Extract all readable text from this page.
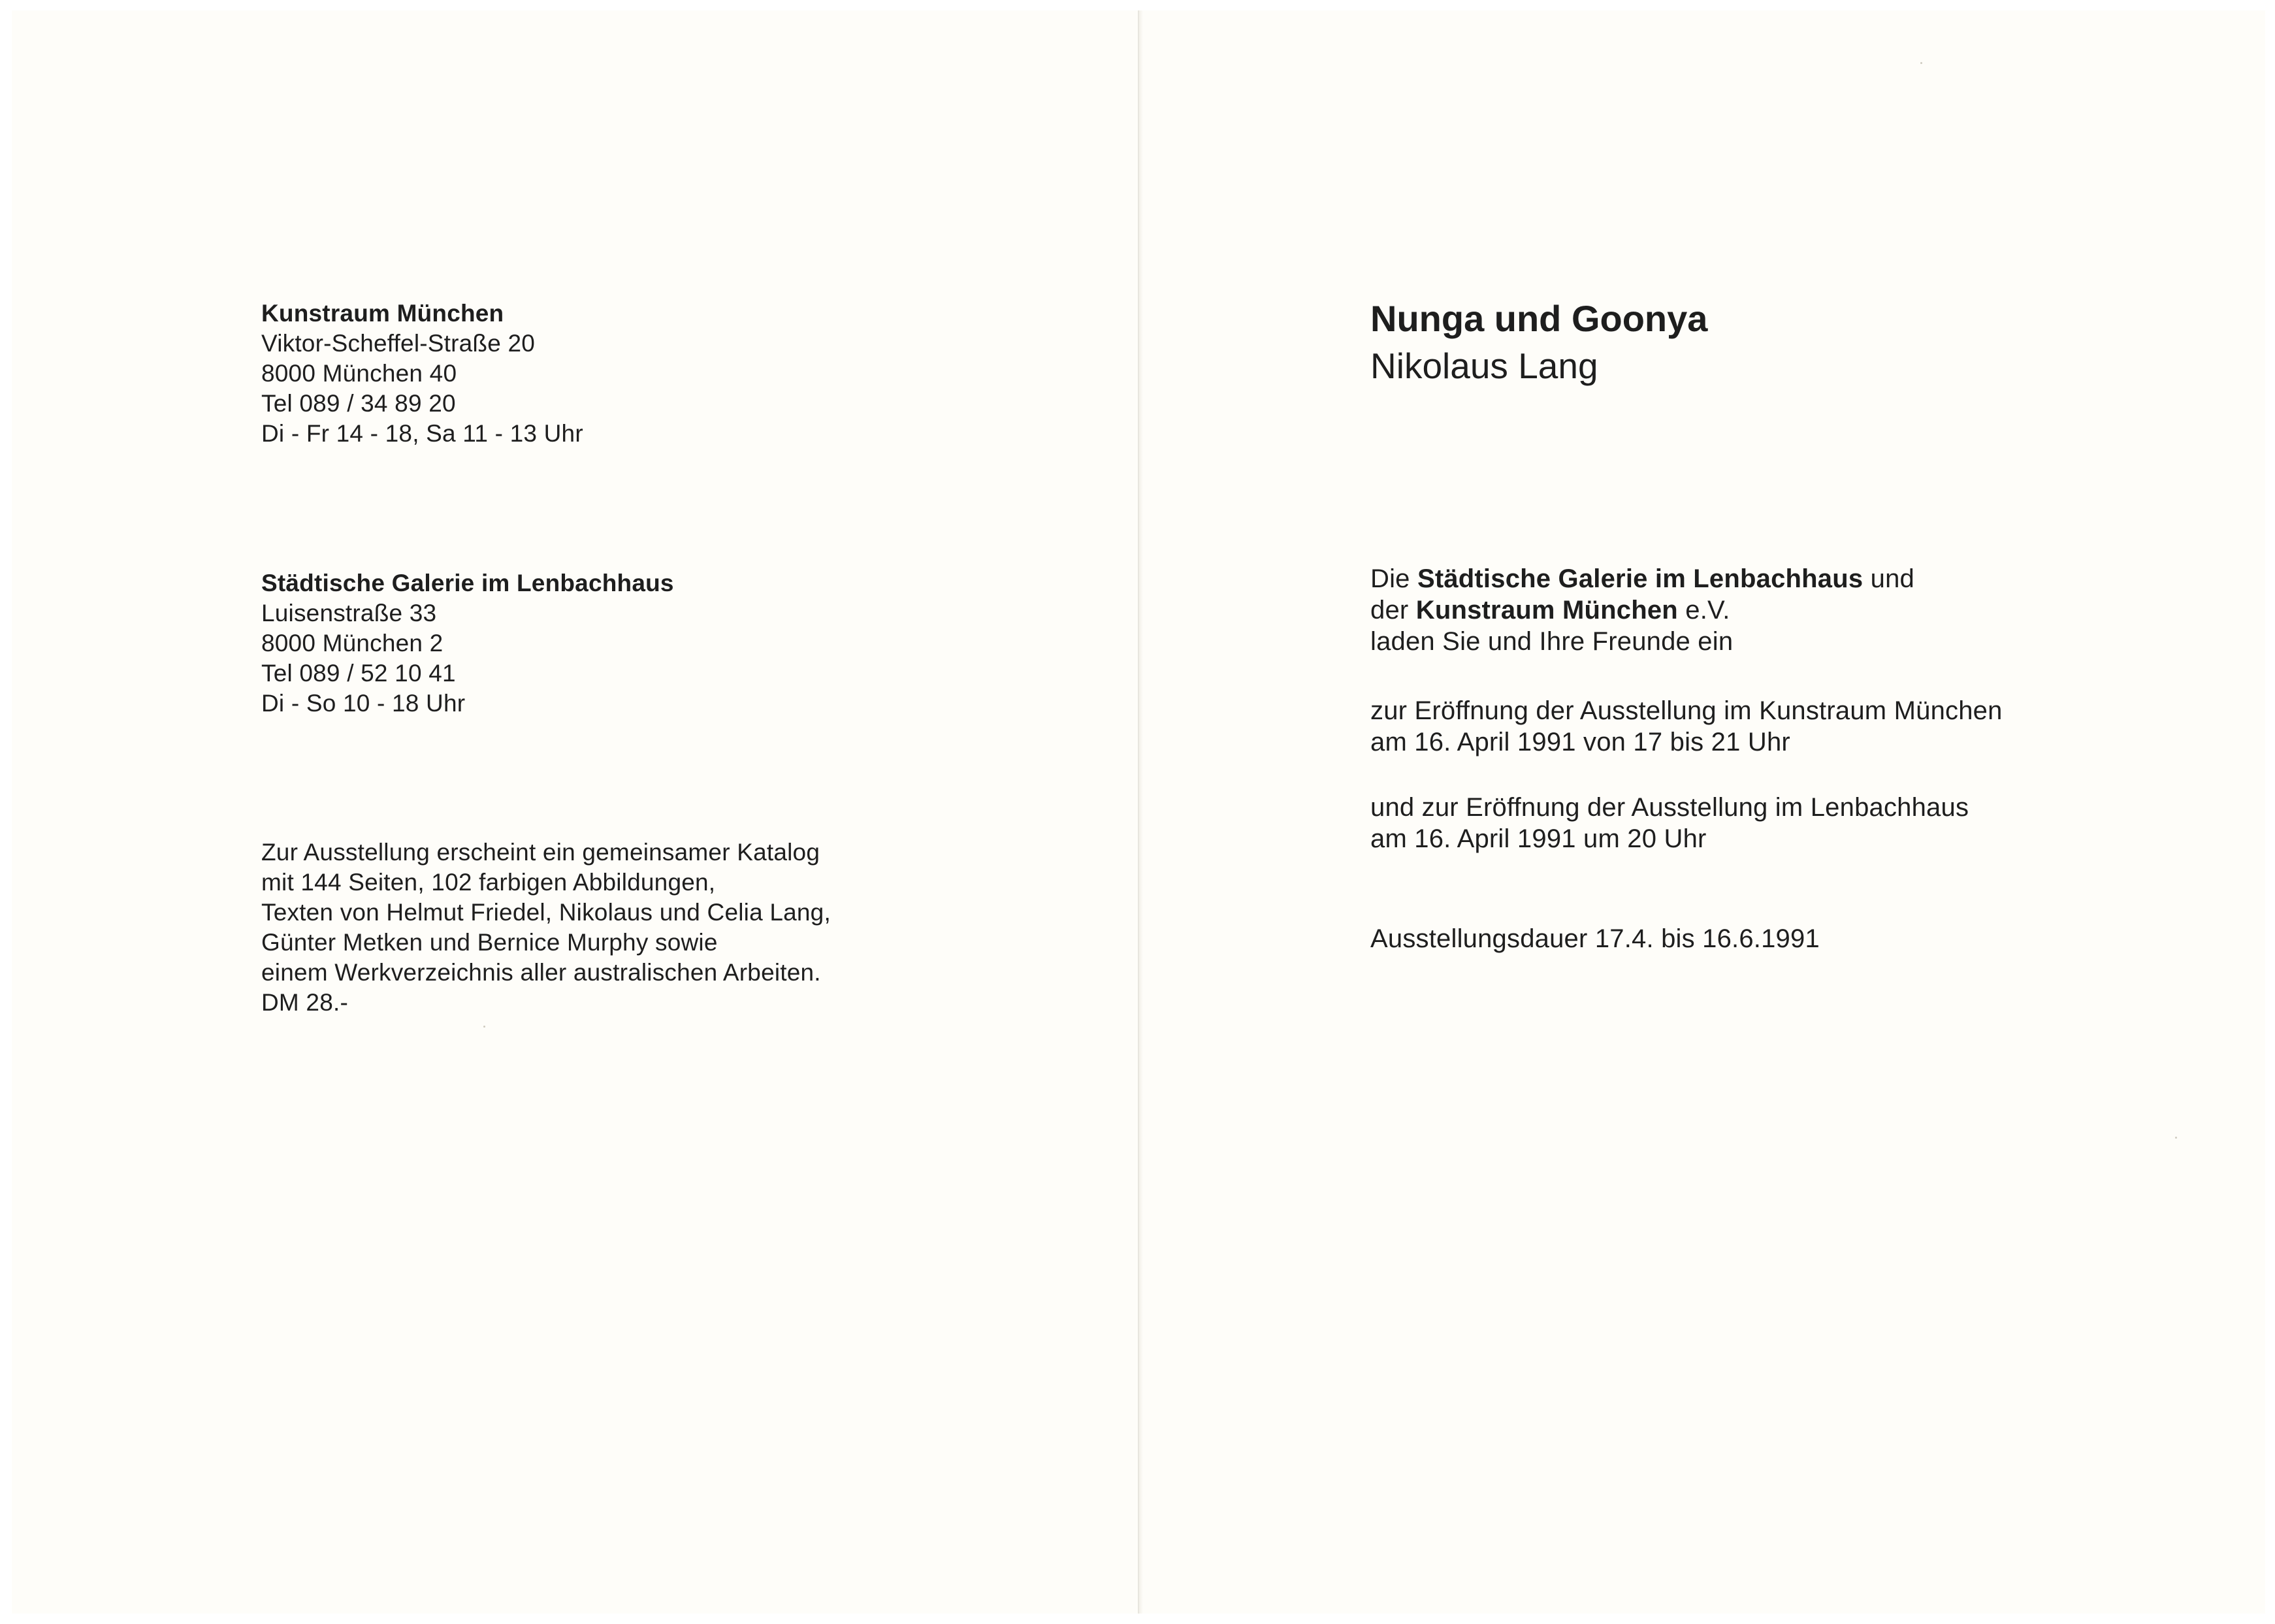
Kunstraum München
Viktor-Scheffel-Straße 20
8000 München 40
Tel 089 / 34 89 20
Di - Fr 14 - 18, Sa 11 - 13 Uhr
Städtische Galerie im Lenbachhaus
Luisenstraße 33
8000 München 2
Tel 089 / 52 10 41
Di - So 10 - 18 Uhr
Zur Ausstellung erscheint ein gemeinsamer Katalog
mit 144 Seiten, 102 farbigen Abbildungen,
Texten von Helmut Friedel, Nikolaus und Celia Lang,
Günter Metken und Bernice Murphy sowie
einem Werkverzeichnis aller australischen Arbeiten.
DM 28.-
Nunga und Goonya
Nikolaus Lang
Die Städtische Galerie im Lenbachhaus und
der Kunstraum München e.V.
laden Sie und Ihre Freunde ein
zur Eröffnung der Ausstellung im Kunstraum München
am 16. April 1991 von 17 bis 21 Uhr
und zur Eröffnung der Ausstellung im Lenbachhaus
am 16. April 1991 um 20 Uhr
Ausstellungsdauer 17.4. bis 16.6.1991
